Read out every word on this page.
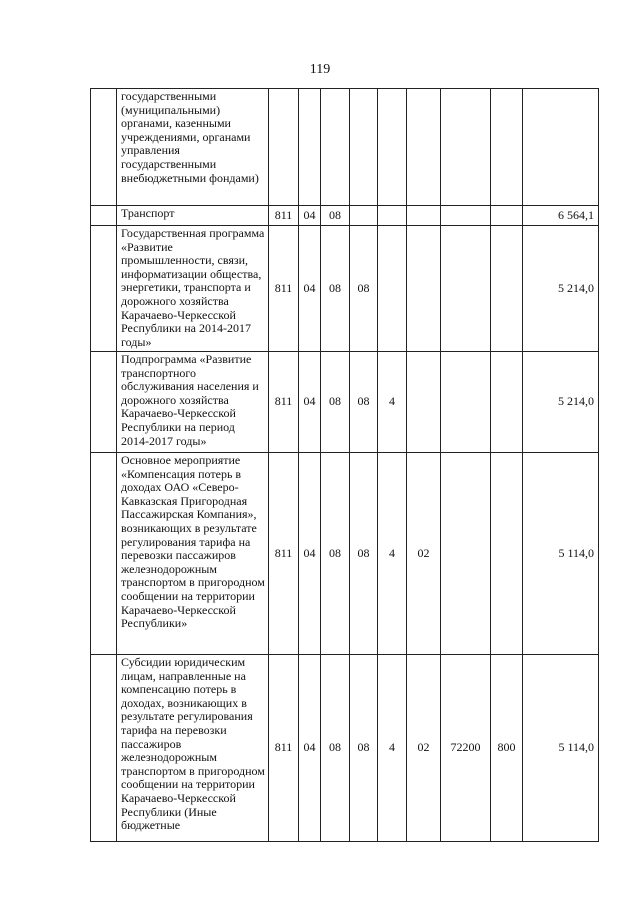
119
	государственными (муниципальными) органами, казенными учреждениями, органами управления государственными внебюджетными фондами)									
	Транспорт	811	04	08						6 564,1
	Государственная программа «Развитие промышленности, связи, информатизации общества, энергетики, транспорта и дорожного хозяйства Карачаево-Черкесской Республики на 2014-2017 годы»	811	04	08	08					5 214,0
	Подпрограмма «Развитие транспортного обслуживания населения и дорожного хозяйства Карачаево-Черкесской Республики на период 2014-2017 годы»	811	04	08	08	4				5 214,0
	Основное мероприятие «Компенсация потерь в доходах ОАО «Северо-Кавказская Пригородная Пассажирская Компания», возникающих в результате регулирования тарифа на перевозки пассажиров железнодорожным транспортом в пригородном сообщении на территории Карачаево-Черкесской Республики»	811	04	08	08	4	02			5 114,0
	Субсидии юридическим лицам, направленные на компенсацию потерь в доходах, возникающих в результате регулирования тарифа на перевозки пассажиров железнодорожным транспортом в пригородном сообщении на территории Карачаево-Черкесской Республики (Иные бюджетные	811	04	08	08	4	02	72200	800	5 114,0
